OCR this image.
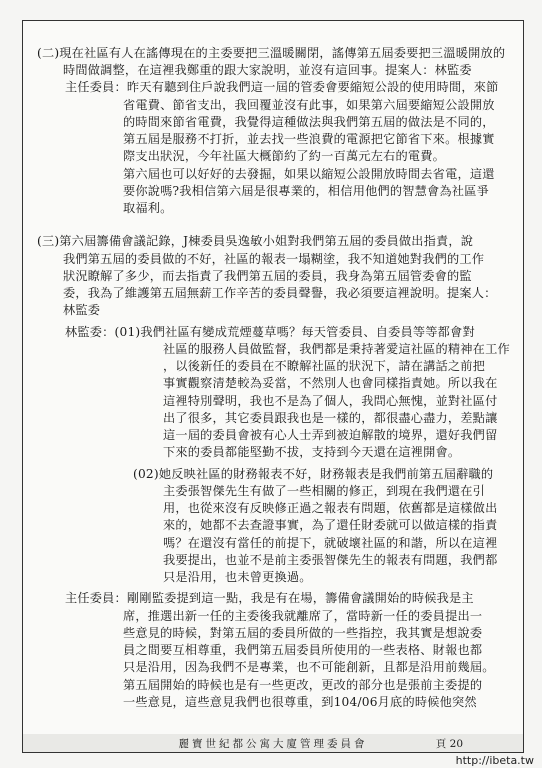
(二)現在社區有人在謠傳現在的主委要把三溫暖關閉，謠傳第五屆委要把三溫暖開放的
時間做調整，在這裡我鄭重的跟大家說明，並沒有這回事。提案人：林監委
主任委員：昨天有聽到住戶說我們這一屆的管委會要縮短公設的使用時間，來節
省電費、節省支出，我回覆並沒有此事，如果第六屆要縮短公設開放
的時間來節省電費，我覺得這種做法與我們第五屆的做法是不同的，
第五屆是服務不打折，並去找一些浪費的電源把它節省下來。根據實
際支出狀況，今年社區大概節約了約一百萬元左右的電費。
第六屆也可以好好的去發掘，如果以縮短公設開放時間去省電，這還
要你說嗎?我相信第六屆是很專業的，相信用他們的智慧會為社區爭
取福利。
(三)第六屆籌備會議記錄，J棟委員吳逸敏小姐對我們第五屆的委員做出指責，說
我們第五屆的委員做的不好，社區的報表一塌糊塗，我不知道她對我們的工作
狀況瞭解了多少，而去指責了我們第五屆的委員，我身為第五屆管委會的監
委，我為了維護第五屆無薪工作辛苦的委員聲譽，我必須要這裡說明。提案人：
林監委
林監委：(01)我們社區有變成荒煙蔓草嗎？每天管委員、自委員等等都會對
社區的服務人員做監督，我們都是秉持著愛這社區的精神在工作
，以後新任的委員在不瞭解社區的狀況下，請在講話之前把
事實觀察清楚較為妥當，不然別人也會同樣指責她。所以我在
這裡特別聲明，我也不是為了個人，我問心無愧，並對社區付
出了很多，其它委員跟我也是一樣的，都很盡心盡力，差點讓
這一屆的委員會被有心人士弄到被迫解散的境界，還好我們留
下來的委員都能堅勤不拔，支持到今天還在這裡開會。
(02)她反映社區的財務報表不好，財務報表是我們前第五屆辭職的
主委張智傑先生有做了一些相關的修正，到現在我們還在引
用，也從來沒有反映修正過之報表有問題，依舊都是這樣做出
來的，她都不去查證事實，為了還任財委就可以做這樣的指責
嗎？在還沒有當任的前提下，就破壞社區的和諧，所以在這裡
我要提出，也並不是前主委張智傑先生的報表有問題，我們都
只是沿用，也未曾更換過。
主任委員：剛剛監委提到這一點，我是有在場，籌備會議開始的時候我是主
席，推選出新一任的主委後我就離席了，當時新一任的委員提出一
些意見的時候，對第五屆的委員所做的一些指控，我其實是想說委
員之間要互相尊重，我們第五屆委員所使用的一些表格、財報也都
只是沿用，因為我們不是專業，也不可能創新，且都是沿用前幾屆。
第五屆開始的時候也是有一些更改，更改的部分也是張前主委提的
一些意見，這些意見我們也很尊重，到104/06月底的時候他突然
麗寶世紀都公寓大廈管理委員會	頁 20
http://ibeta.tw
